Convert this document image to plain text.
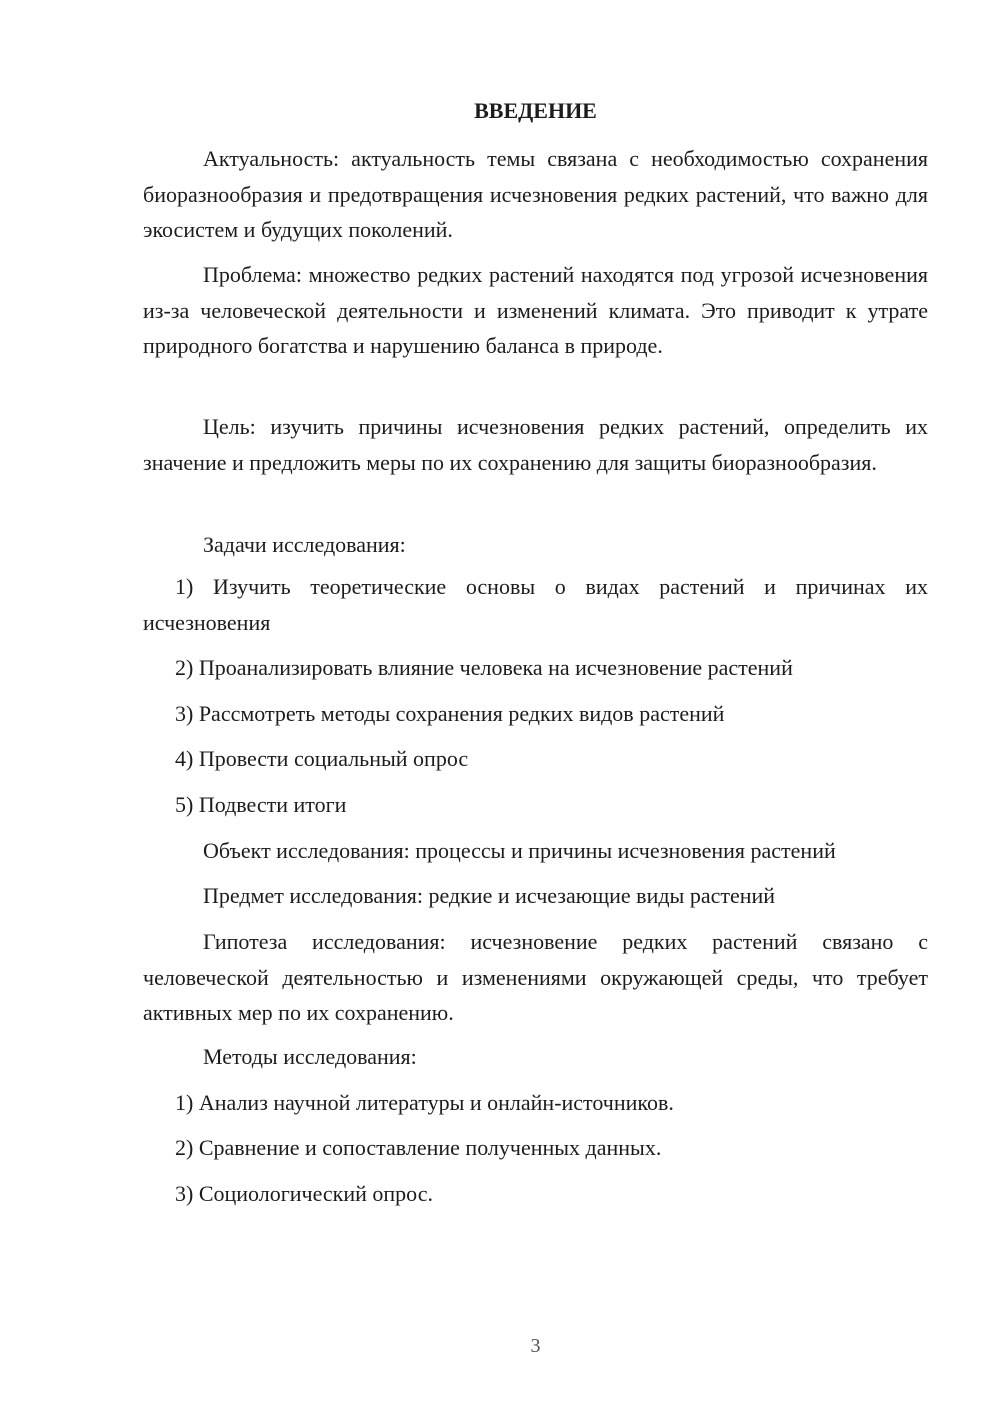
ВВЕДЕНИЕ

Актуальность: актуальность темы связана с необходимостью сохранения биоразнообразия и предотвращения исчезновения редких растений, что важно для экосистем и будущих поколений.

Проблема: множество редких растений находятся под угрозой исчезновения из-за человеческой деятельности и изменений климата. Это приводит к утрате природного богатства и нарушению баланса в природе.

Цель: изучить причины исчезновения редких растений, определить их значение и предложить меры по их сохранению для защиты биоразнообразия.

Задачи исследования:

1) Изучить теоретические основы о видах растений и причинах их исчезновения

2) Проанализировать влияние человека на исчезновение растений
3) Рассмотреть методы сохранения редких видов растений
4) Провести социальный опрос
5) Подвести итоги
Объект исследования: процессы и причины исчезновения растений
Предмет исследования: редкие и исчезающие виды растений

Гипотеза исследования: исчезновение редких растений связано с человеческой деятельностью и изменениями окружающей среды, что требует активных мер по их сохранению.

Методы исследования:
1) Анализ научной литературы и онлайн-источников.
2) Сравнение и сопоставление полученных данных.
3) Социологический опрос.
3
